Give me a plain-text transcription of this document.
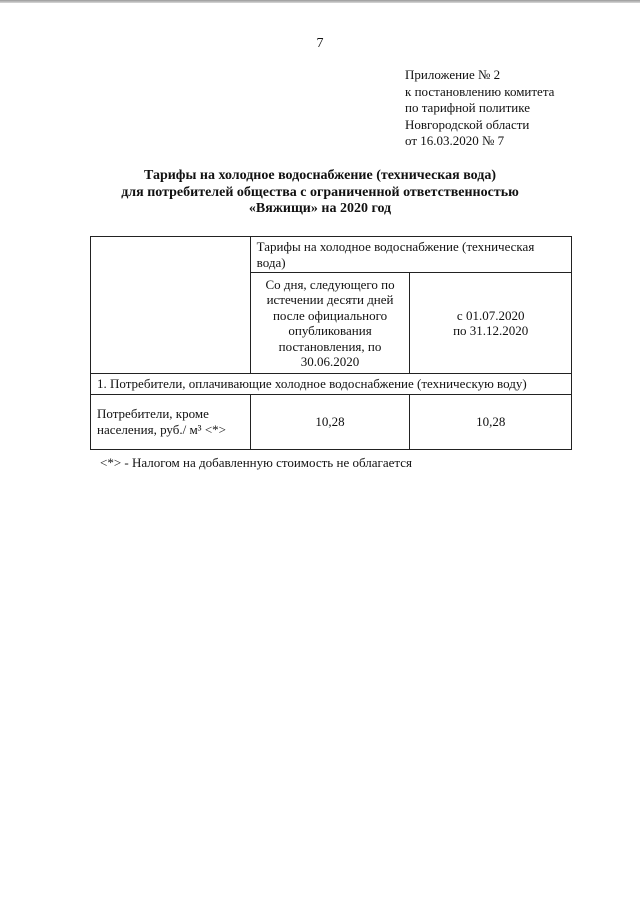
7
Приложение № 2
к постановлению комитета
по тарифной политике
Новгородской области
от 16.03.2020 № 7
Тарифы на холодное водоснабжение (техническая вода)
для потребителей общества с ограниченной ответственностью
«Вяжищи» на 2020 год
	Тарифы на холодное водоснабжение (техническая вода)	
	Со дня, следующего по истечении десяти дней после официального опубликования постановления, по 30.06.2020	с 01.07.2020
по 31.12.2020
1. Потребители, оплачивающие холодное водоснабжение (техническую воду)		
Потребители, кроме населения, руб./ м³ <*>	10,28	10,28
<*> - Налогом на добавленную стоимость не облагается
